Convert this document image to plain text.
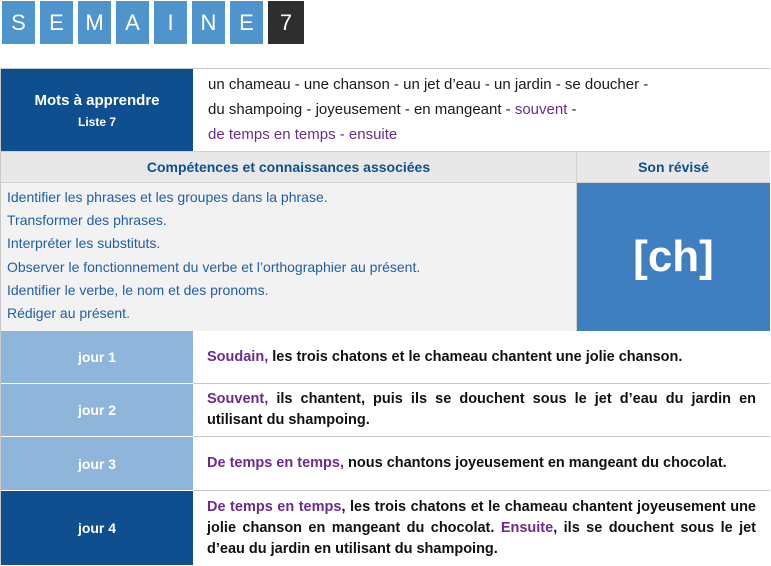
S	E M A	I	N	E	7
Mots à apprendre
Liste 7
un chameau - une chanson - un jet d’eau - un jardin - se doucher -
du shampoing - joyeusement - en mangeant - souvent -
de temps en temps - ensuite
Compétences et connaissances associées	Son révisé
Identifier les phrases et les groupes dans la phrase.
Transformer des phrases.
Interpréter les substituts.
Observer le fonctionnement du verbe et l’orthographier au présent.
Identifier le verbe, le nom et des pronoms.
Rédiger au présent.
[ch]
jour 1	Soudain, les trois chatons et le chameau chantent une jolie chanson.
jour 2
Souvent, ils chantent, puis ils se douchent sous le jet d’eau du jardin en utilisant du shampoing.
jour 3	De temps en temps, nous chantons joyeusement en mangeant du chocolat.
jour 4
De temps en temps, les trois chatons et le chameau chantent joyeusement une jolie chanson en mangeant du chocolat. Ensuite, ils se douchent sous le jet d’eau du jardin en utilisant du shampoing.
